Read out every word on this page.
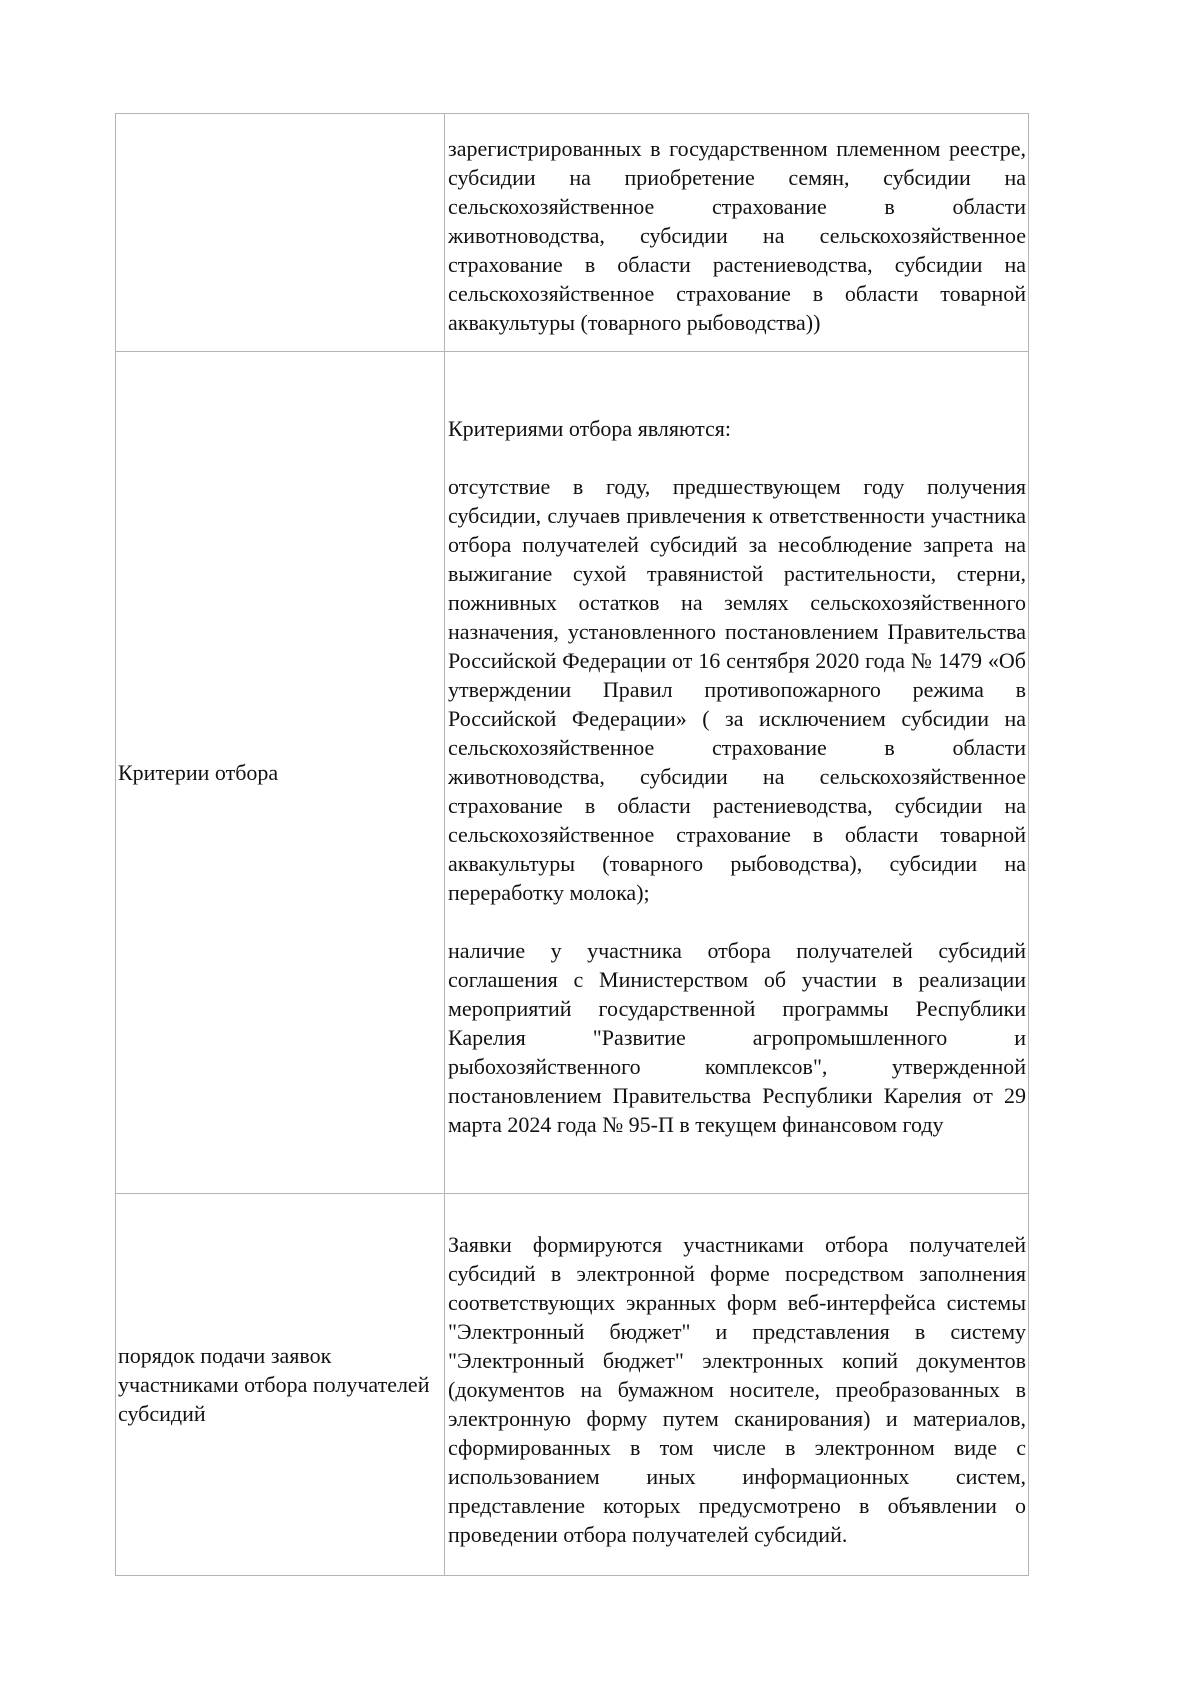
	зарегистрированных в государственном племенном реестре, субсидии на приобретение семян, субсидии на сельскохозяйственное страхование в области животноводства, субсидии на сельскохозяйственное страхование в области растениеводства, субсидии на сельскохозяйственное страхование в области товарной аквакультуры (товарного рыбоводства))

Критерии отбора	Критериями отбора являются:

отсутствие в году, предшествующем году получения субсидии, случаев привлечения к ответственности участника отбора получателей субсидий за несоблюдение запрета на выжигание сухой травянистой растительности, стерни, пожнивных остатков на землях сельскохозяйственного назначения, установленного постановлением Правительства Российской Федерации от 16 сентября 2020 года № 1479 «Об утверждении Правил противопожарного режима в Российской Федерации» ( за исключением субсидии на сельскохозяйственное страхование в области животноводства, субсидии на сельскохозяйственное страхование в области растениеводства, субсидии на сельскохозяйственное страхование в области товарной аквакультуры (товарного рыбоводства), субсидии на переработку молока);

наличие у участника отбора получателей субсидий соглашения с Министерством об участии в реализации мероприятий государственной программы Республики Карелия "Развитие агропромышленного и рыбохозяйственного комплексов", утвержденной постановлением Правительства Республики Карелия от 29 марта 2024 года № 95-П в текущем финансовом году

порядок подачи заявок участниками отбора получателей субсидий	Заявки формируются участниками отбора получателей субсидий в электронной форме посредством заполнения соответствующих экранных форм веб-интерфейса системы "Электронный бюджет" и представления в систему "Электронный бюджет" электронных копий документов (документов на бумажном носителе, преобразованных в электронную форму путем сканирования) и материалов, сформированных в том числе в электронном виде с использованием иных информационных систем, представление которых предусмотрено в объявлении о проведении отбора получателей субсидий.
